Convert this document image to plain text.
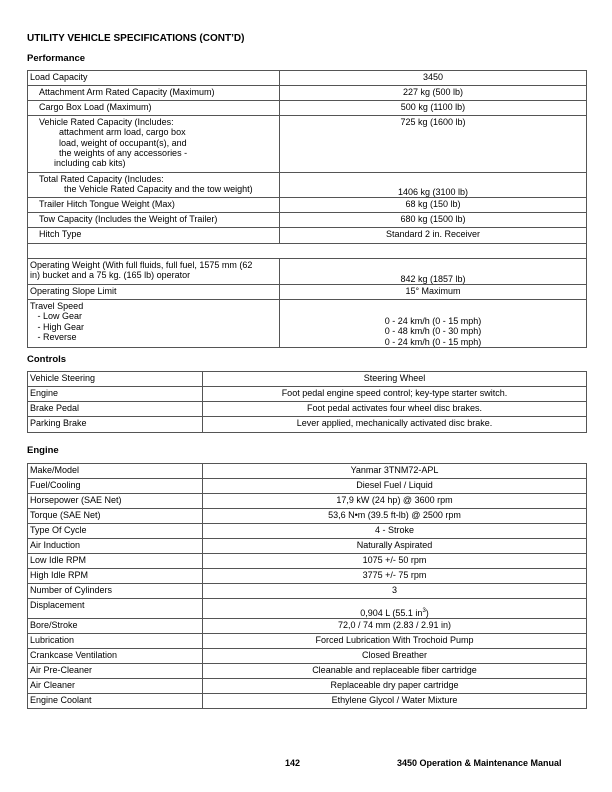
UTILITY VEHICLE SPECIFICATIONS (CONT’D)
Performance
Load Capacity	3450
Attachment Arm Rated Capacity (Maximum)	227 kg (500 lb)
Cargo Box Load (Maximum)	500 kg (1100 lb)
Vehicle Rated Capacity (Includes:
attachment arm load, cargo box
load, weight of occupant(s), and
the weights of any accessories -
including cab kits)	725 kg (1600 lb)
Total Rated Capacity (Includes:
the Vehicle Rated Capacity and the tow weight)	1406 kg (3100 lb)
Trailer Hitch Tongue Weight (Max)	68 kg (150 lb)
Tow Capacity (Includes the Weight of Trailer)	680 kg (1500 lb)
Hitch Type	Standard 2 in. Receiver

Operating Weight (With full fluids, full fuel, 1575 mm (62
in) bucket and a 75 kg. (165 lb) operator	842 kg (1857 lb)
Operating Slope Limit	15° Maximum
Travel Speed
- Low Gear
- High Gear
- Reverse	0 - 24 km/h (0 - 15 mph)
0 - 48 km/h (0 - 30 mph)
0 - 24 km/h (0 - 15 mph)
Controls
Vehicle Steering	Steering Wheel
Engine	Foot pedal engine speed control; key-type starter switch.
Brake Pedal	Foot pedal activates four wheel disc brakes.
Parking Brake	Lever applied, mechanically activated disc brake.
Engine
Make/Model	Yanmar 3TNM72-APL
Fuel/Cooling	Diesel Fuel / Liquid
Horsepower (SAE Net)	17,9 kW (24 hp) @ 3600 rpm
Torque (SAE Net)	53,6 N•m (39.5 ft-lb) @ 2500 rpm
Type Of Cycle	4 - Stroke
Air Induction	Naturally Aspirated
Low Idle RPM	1075 +/- 50 rpm
High Idle RPM	3775 +/- 75 rpm
Number of Cylinders	3
Displacement	0,904 L (55.1 $in^3$)
Bore/Stroke	72,0 / 74 mm (2.83 / 2.91 in)
Lubrication	Forced Lubrication With Trochoid Pump
Crankcase Ventilation	Closed Breather
Air Pre-Cleaner	Cleanable and replaceable fiber cartridge
Air Cleaner	Replaceable dry paper cartridge
Engine Coolant	Ethylene Glycol / Water Mixture
142	3450 Operation & Maintenance Manual
